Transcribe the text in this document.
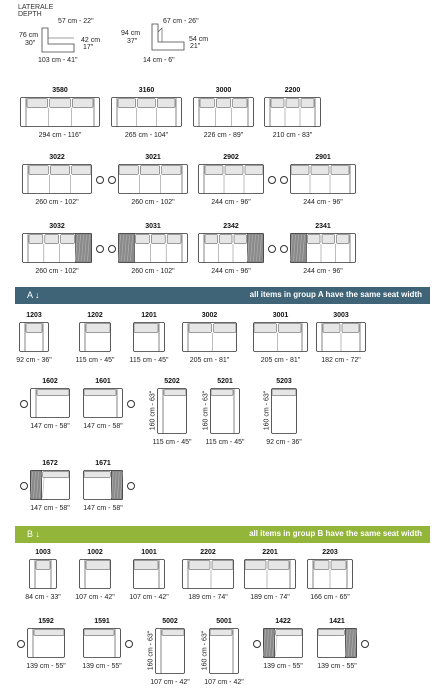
LATERALE
DEPTH
76 cm
30"
57 cm - 22"
42 cm
17"
103 cm - 41"
94 cm
37"
67 cm - 26"
54 cm
21"
14 cm - 6"
3580
294 cm - 116"
3160
265 cm - 104"
3000
226 cm - 89"
2200
210 cm - 83"
3022
260 cm - 102"
3021
260 cm - 102"
2902
244 cm - 96"
2901
244 cm - 96"
3032
260 cm - 102"
3031
260 cm - 102"
2342
244 cm - 96"
2341
244 cm - 96"
A ↓	all items in group A have the same seat width
1203
92 cm - 36"
1202
115 cm - 45"
1201
115 cm - 45"
3002
205 cm - 81"
3001
205 cm - 81"
3003
182 cm - 72"
1602
147 cm - 58"
1601
147 cm - 58"
5202
115 cm - 45"
160 cm - 63"
5201
115 cm - 45"
160 cm - 63"
5203
92 cm - 36"
160 cm - 63"
1672
147 cm - 58"
1671
147 cm - 58"
B ↓	all items in group B have the same seat width
1003
84 cm - 33"
1002
107 cm - 42"
1001
107 cm - 42"
2202
189 cm - 74"
2201
189 cm - 74"
2203
166 cm - 65"
1592
139 cm - 55"
1591
139 cm - 55"
5002
107 cm - 42"
160 cm - 63"
5001
107 cm - 42"
160 cm - 63"
1422
139 cm - 55"
1421
139 cm - 55"
